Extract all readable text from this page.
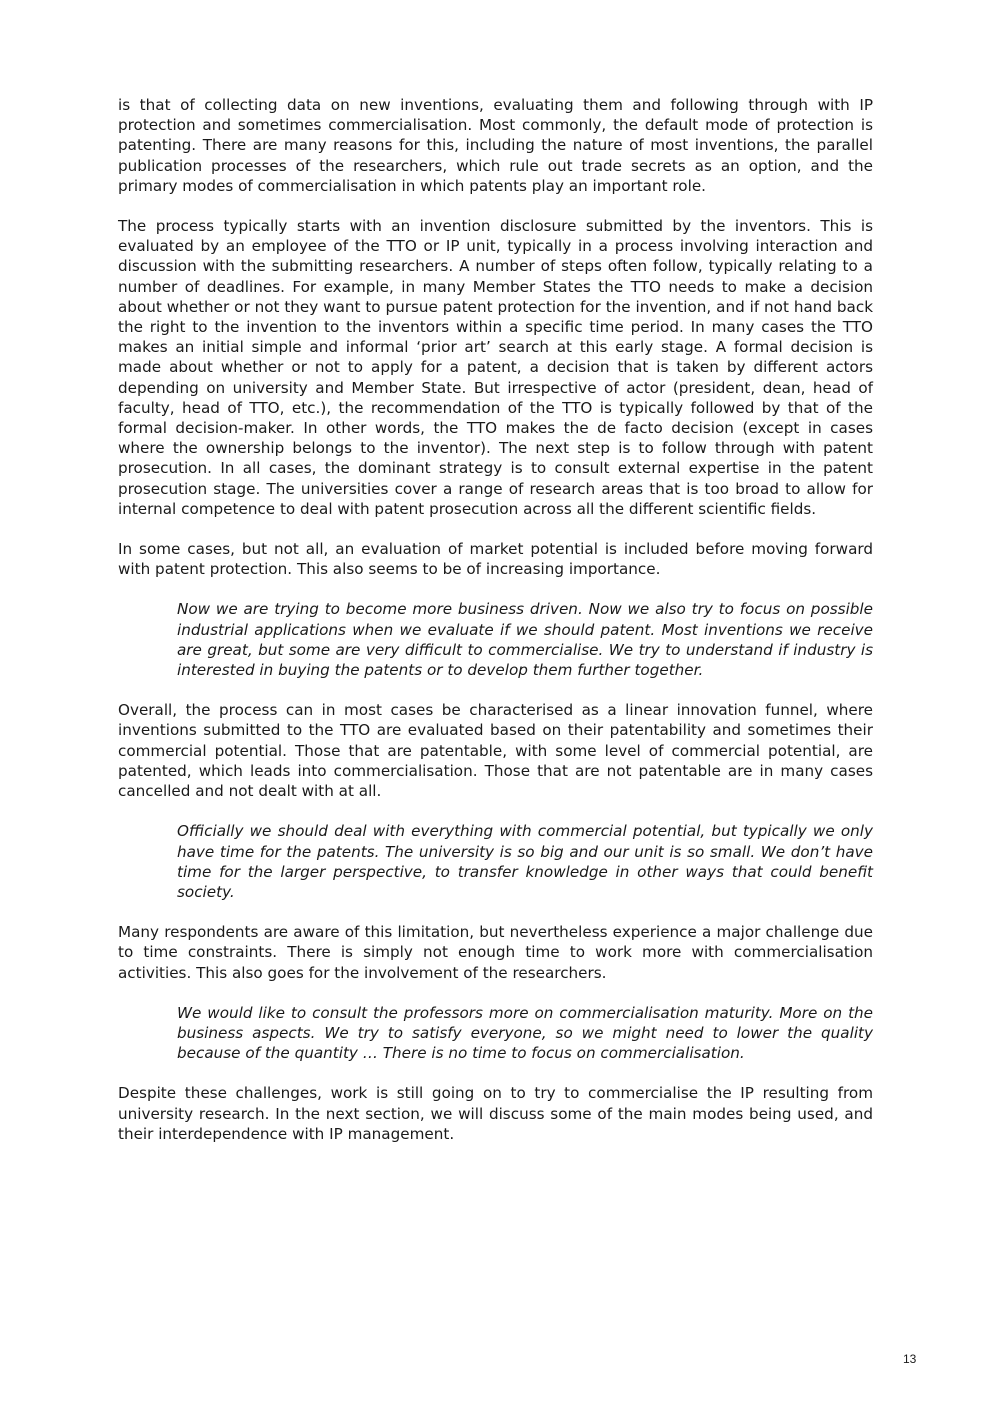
is that of collecting data on new inventions, evaluating them and following through with IP protection and sometimes commercialisation. Most commonly, the default mode of protection is patenting. There are many reasons for this, including the nature of most inventions, the parallel publication processes of the researchers, which rule out trade secrets as an option, and the primary modes of commercialisation in which patents play an important role.

The process typically starts with an invention disclosure submitted by the inventors. This is evaluated by an employee of the TTO or IP unit, typically in a process involving interaction and discussion with the submitting researchers. A number of steps often follow, typically relating to a number of deadlines. For example, in many Member States the TTO needs to make a decision about whether or not they want to pursue patent protection for the invention, and if not hand back the right to the invention to the inventors within a specific time period. In many cases the TTO makes an initial simple and informal ‘prior art’ search at this early stage. A formal decision is made about whether or not to apply for a patent, a decision that is taken by different actors depending on university and Member State. But irrespective of actor (president, dean, head of faculty, head of TTO, etc.), the recommendation of the TTO is typically followed by that of the formal decision-maker. In other words, the TTO makes the de facto decision (except in cases where the ownership belongs to the inventor). The next step is to follow through with patent prosecution. In all cases, the dominant strategy is to consult external expertise in the patent prosecution stage. The universities cover a range of research areas that is too broad to allow for internal competence to deal with patent prosecution across all the different scientific fields.

In some cases, but not all, an evaluation of market potential is included before moving forward with patent protection. This also seems to be of increasing importance.

Now we are trying to become more business driven. Now we also try to focus on possible industrial applications when we evaluate if we should patent. Most inventions we receive are great, but some are very difficult to commercialise. We try to understand if industry is interested in buying the patents or to develop them further together.

Overall, the process can in most cases be characterised as a linear innovation funnel, where inventions submitted to the TTO are evaluated based on their patentability and sometimes their commercial potential. Those that are patentable, with some level of commercial potential, are patented, which leads into commercialisation. Those that are not patentable are in many cases cancelled and not dealt with at all.

Officially we should deal with everything with commercial potential, but typically we only have time for the patents. The university is so big and our unit is so small. We don’t have time for the larger perspective, to transfer knowledge in other ways that could benefit society.

Many respondents are aware of this limitation, but nevertheless experience a major challenge due to time constraints. There is simply not enough time to work more with commercialisation activities. This also goes for the involvement of the researchers.

We would like to consult the professors more on commercialisation maturity. More on the business aspects. We try to satisfy everyone, so we might need to lower the quality because of the quantity … There is no time to focus on commercialisation.

Despite these challenges, work is still going on to try to commercialise the IP resulting from university research. In the next section, we will discuss some of the main modes being used, and their interdependence with IP management.

13
